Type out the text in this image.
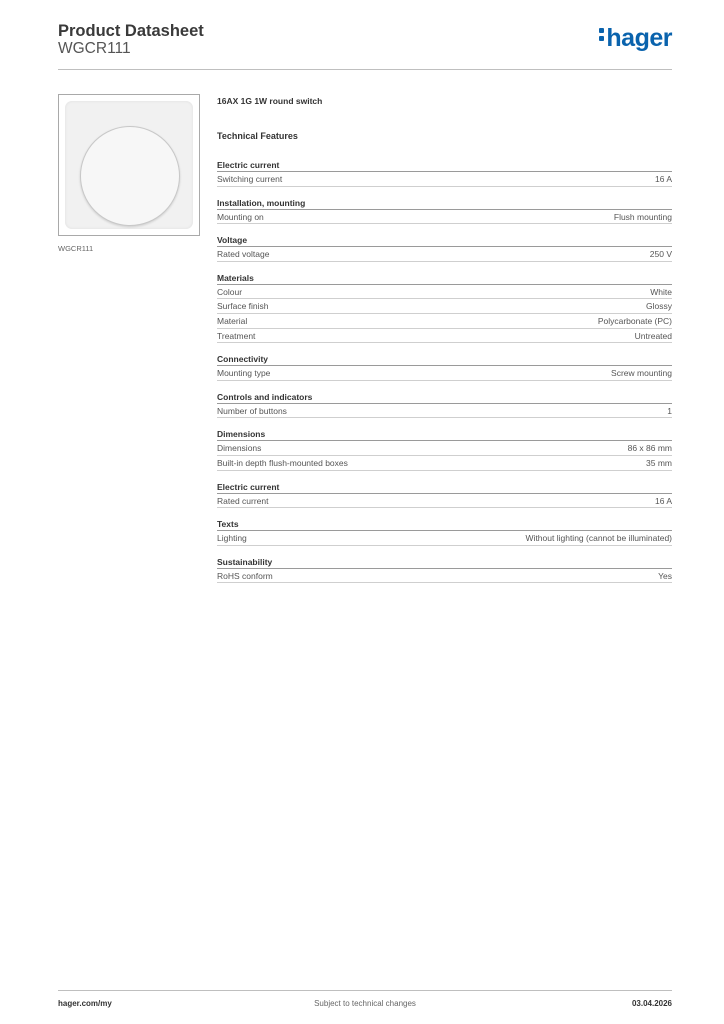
Product Datasheet
WGCR111	hager
WGCR111
16AX 1G 1W round switch
Technical Features
Electric current
Switching current	16 A
Installation, mounting
Mounting on	Flush mounting
Voltage
Rated voltage	250 V
Materials
Colour	White
Surface finish	Glossy
Material	Polycarbonate (PC)
Treatment	Untreated
Connectivity
Mounting type	Screw mounting
Controls and indicators
Number of buttons	1
Dimensions
Dimensions	86 x 86 mm
Built-in depth flush-mounted boxes	35 mm
Electric current
Rated current	16 A
Texts
Lighting	Without lighting (cannot be illuminated)
Sustainability
RoHS conform	Yes
hager.com/my	Subject to technical changes	03.04.2026
